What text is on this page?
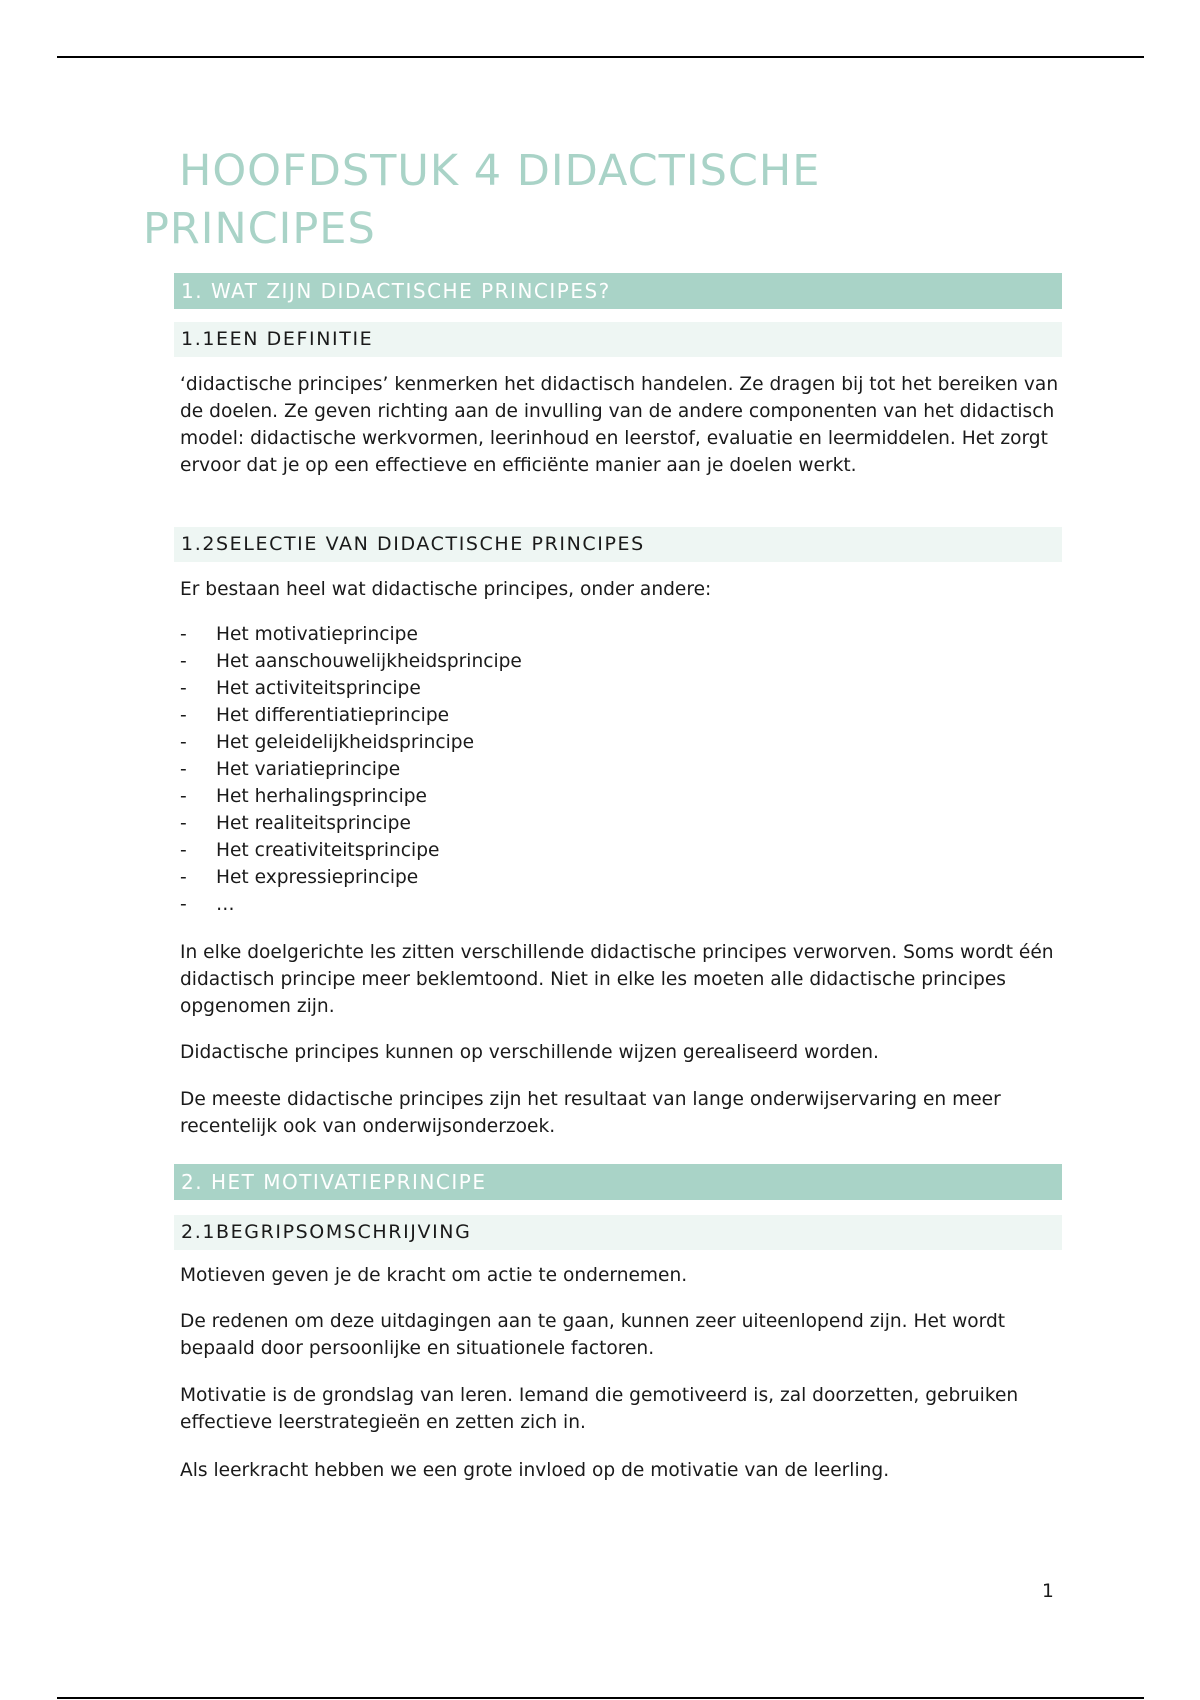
HOOFDSTUK 4 DIDACTISCHE
PRINCIPES
1. WAT ZIJN DIDACTISCHE PRINCIPES?
1.1EEN DEFINITIE

‘didactische principes’ kenmerken het didactisch handelen. Ze dragen bij tot het bereiken van de doelen. Ze geven richting aan de invulling van de andere componenten van het didactisch model: didactische werkvormen, leerinhoud en leerstof, evaluatie en leermiddelen. Het zorgt ervoor dat je op een effectieve en efficiënte manier aan je doelen werkt.

1.2SELECTIE VAN DIDACTISCHE PRINCIPES

Er bestaan heel wat didactische principes, onder andere:

- Het motivatieprincipe
- Het aanschouwelijkheidsprincipe
- Het activiteitsprincipe
- Het differentiatieprincipe
- Het geleidelijkheidsprincipe
- Het variatieprincipe
- Het herhalingsprincipe
- Het realiteitsprincipe
- Het creativiteitsprincipe
- Het expressieprincipe
- …

In elke doelgerichte les zitten verschillende didactische principes verworven. Soms wordt één didactisch principe meer beklemtoond. Niet in elke les moeten alle didactische principes opgenomen zijn.

Didactische principes kunnen op verschillende wijzen gerealiseerd worden.

De meeste didactische principes zijn het resultaat van lange onderwijservaring en meer recentelijk ook van onderwijsonderzoek.

2. HET MOTIVATIEPRINCIPE
2.1BEGRIPSOMSCHRIJVING

Motieven geven je de kracht om actie te ondernemen.

De redenen om deze uitdagingen aan te gaan, kunnen zeer uiteenlopend zijn. Het wordt bepaald door persoonlijke en situationele factoren.

Motivatie is de grondslag van leren. Iemand die gemotiveerd is, zal doorzetten, gebruiken effectieve leerstrategieën en zetten zich in.

Als leerkracht hebben we een grote invloed op de motivatie van de leerling.

1
